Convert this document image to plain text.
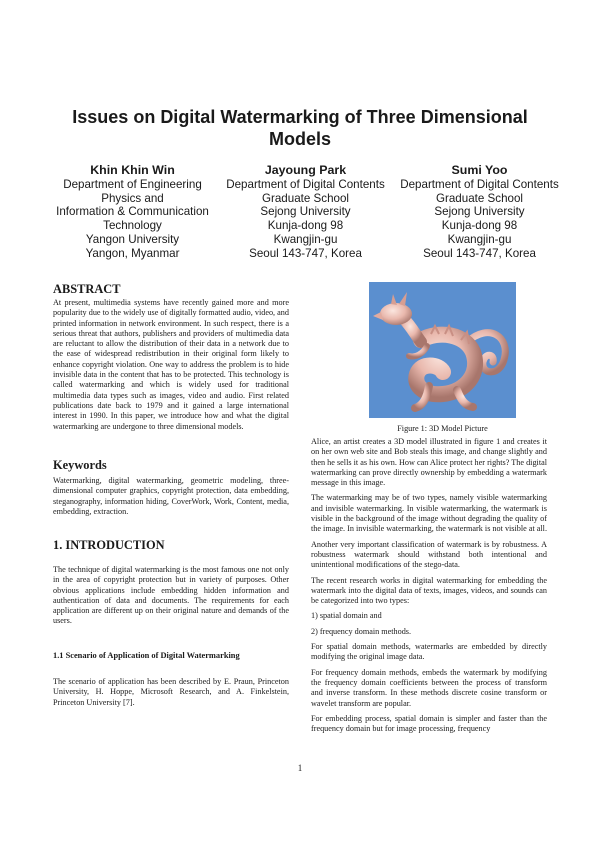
Issues on Digital Watermarking of Three Dimensional
Models
Khin Khin Win
Department of Engineering
Physics and
Information & Communication
Technology
Yangon University
Yangon, Myanmar
Jayoung Park
Department of Digital Contents
Graduate School
Sejong University
Kunja-dong 98
Kwangjin-gu
Seoul 143-747, Korea
Sumi Yoo
Department of Digital Contents
Graduate School
Sejong University
Kunja-dong 98
Kwangjin-gu
Seoul 143-747, Korea
ABSTRACT
At present, multimedia systems have recently gained more and more popularity due to the widely use of digitally formatted audio, video, and printed information in network environment. In such respect, there is a serious threat that authors, publishers and providers of multimedia data are reluctant to allow the distribution of their data in a network due to the ease of widespread redistribution in their original form likely to enhance copyright violation. One way to address the problem is to hide invisible data in the content that has to be protected. This technology is called watermarking and which is widely used for traditional multimedia data types such as images, video and audio. First related publications date back to 1979 and it gained a large international interest in 1990. In this paper, we introduce how and what the digital watermarking are undergone to three dimensional models.
Keywords
Watermarking, digital watermarking, geometric modeling, three-dimensional computer graphics, copyright protection, data embedding, steganography, information hiding, CoverWork, Work, Content, media, embedding, extraction.
1. INTRODUCTION
The technique of digital watermarking is the most famous one not only in the area of copyright protection but in variety of purposes. Other obvious applications include embedding hidden information and authentication of data and documents. The requirements for each application are different up on their original nature and demands of the users.
1.1 Scenario of Application of Digital Watermarking
The scenario of application has been described by E. Praun, Princeton University, H. Hoppe, Microsoft Research, and A. Finkelstein, Princeton University [7].
Figure 1: 3D Model Picture
Alice, an artist creates a 3D model illustrated in figure 1 and creates it on her own web site and Bob steals this image, and change slightly and then he sells it as his own. How can Alice protect her rights? The digital watermarking can prove directly ownership by embedding a watermark message in this image.
The watermarking may be of two types, namely visible watermarking and invisible watermarking. In visible watermarking, the watermark is visible in the background of the image without degrading the quality of the image. In invisible watermarking, the watermark is not visible at all.
Another very important classification of watermark is by robustness. A robustness watermark should withstand both intentional and unintentional modifications of the stego-data.
The recent research works in digital watermarking for embedding the watermark into the digital data of texts, images, videos, and sounds can be categorized into two types:
1) spatial domain and
2) frequency domain methods.
For spatial domain methods, watermarks are embedded by directly modifying the original image data.
For frequency domain methods, embeds the watermark by modifying the frequency domain coefficients between the process of transform and inverse transform. In these methods discrete cosine transform or wavelet transform are popular.
For embedding process, spatial domain is simpler and faster than the frequency domain but for image processing, frequency
1
